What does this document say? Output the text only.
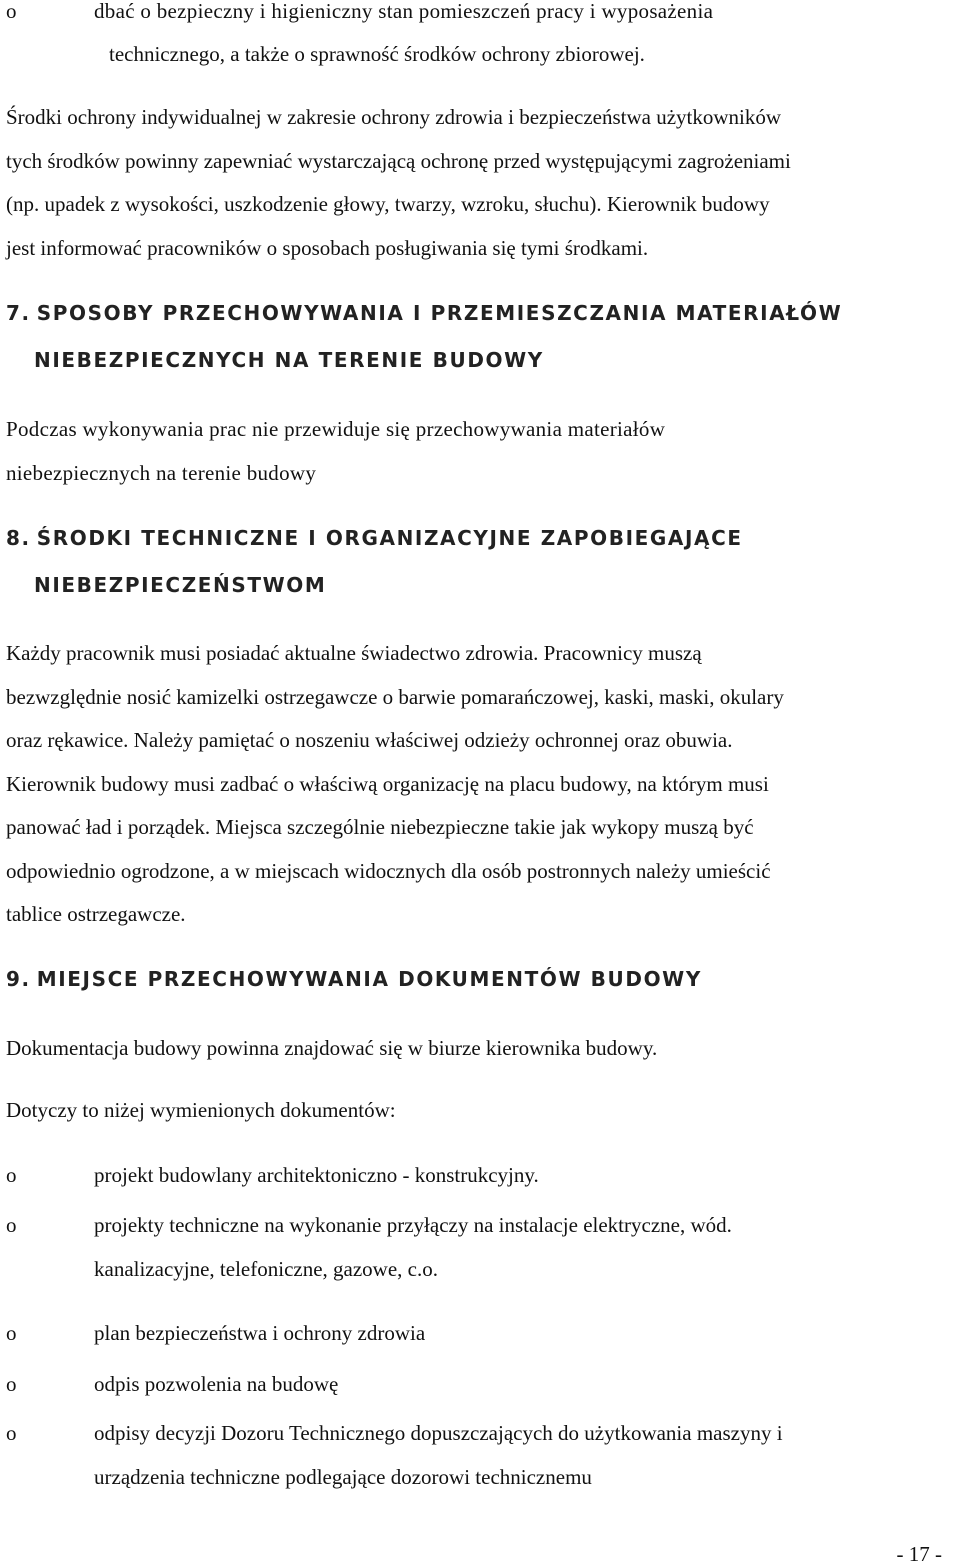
o	dbać o bezpieczny i higieniczny stan pomieszczeń pracy i wyposażenia
technicznego, a także o sprawność środków ochrony zbiorowej.
Środki ochrony indywidualnej w zakresie ochrony zdrowia i bezpieczeństwa użytkowników
tych środków powinny zapewniać wystarczającą ochronę przed występującymi zagrożeniami
(np. upadek z wysokości, uszkodzenie głowy, twarzy, wzroku, słuchu). Kierownik budowy
jest informować pracowników o sposobach posługiwania się tymi środkami.
7. SPOSOBY PRZECHOWYWANIA I PRZEMIESZCZANIA MATERIAŁÓW
NIEBEZPIECZNYCH NA TERENIE BUDOWY
Podczas wykonywania prac nie przewiduje się przechowywania materiałów
niebezpiecznych na terenie budowy
8. ŚRODKI TECHNICZNE I ORGANIZACYJNE ZAPOBIEGAJĄCE
NIEBEZPIECZEŃSTWOM
Każdy pracownik musi posiadać aktualne świadectwo zdrowia. Pracownicy muszą
bezwzględnie nosić kamizelki ostrzegawcze o barwie pomarańczowej, kaski, maski, okulary
oraz rękawice. Należy pamiętać o noszeniu właściwej odzieży ochronnej oraz obuwia.
Kierownik budowy musi zadbać o właściwą organizację na placu budowy, na którym musi
panować ład i porządek. Miejsca szczególnie niebezpieczne takie jak wykopy muszą być
odpowiednio ogrodzone, a w miejscach widocznych dla osób postronnych należy umieścić
tablice ostrzegawcze.
9. MIEJSCE PRZECHOWYWANIA DOKUMENTÓW BUDOWY
Dokumentacja budowy powinna znajdować się w biurze kierownika budowy.
Dotyczy to niżej wymienionych dokumentów:
o	projekt budowlany architektoniczno - konstrukcyjny.
o	projekty techniczne na wykonanie przyłączy na instalacje elektryczne, wód.
kanalizacyjne, telefoniczne, gazowe, c.o.
o	plan bezpieczeństwa i ochrony zdrowia
o	odpis pozwolenia na budowę
o	odpisy decyzji Dozoru Technicznego dopuszczających do użytkowania maszyny i
urządzenia techniczne podlegające dozorowi technicznemu
- 17 -
